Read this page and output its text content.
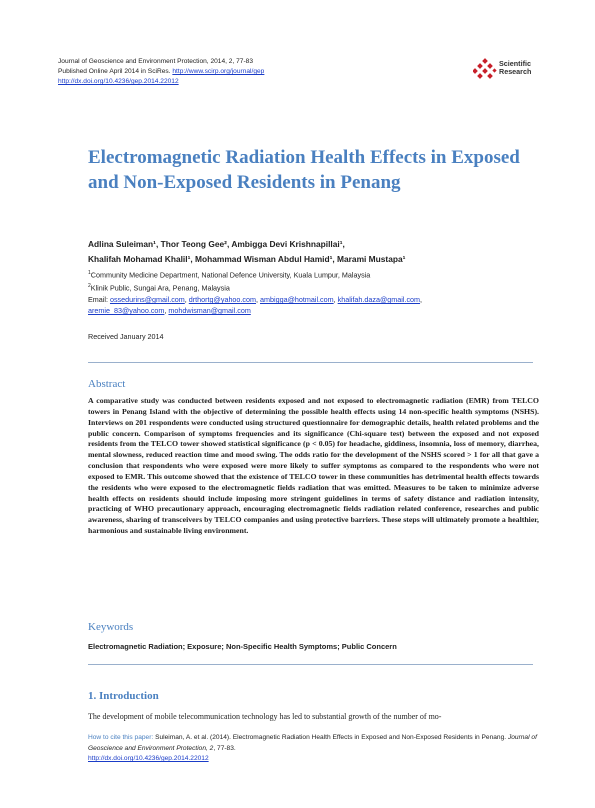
Journal of Geoscience and Environment Protection, 2014, 2, 77-83
Published Online April 2014 in SciRes. http://www.scirp.org/journal/gep
http://dx.doi.org/10.4236/gep.2014.22012
Scientific
Research
Electromagnetic Radiation Health Effects in Exposed and Non-Exposed Residents in Penang
Adlina Suleiman¹, Thor Teong Gee², Ambigga Devi Krishnapillai¹,
Khalifah Mohamad Khalil¹, Mohammad Wisman Abdul Hamid¹, Marami Mustapa¹
$^1$Community Medicine Department, National Defence University, Kuala Lumpur, Malaysia
$^2$Klinik Public, Sungai Ara, Penang, Malaysia
Email: ossedurins@gmail.com, drthortg@yahoo.com, ambigga@hotmail.com, khalifah.daza@gmail.com,
aremie_83@yahoo.com, mohdwisman@gmail.com
Received January 2014
Abstract
A comparative study was conducted between residents exposed and not exposed to electromagnetic radiation (EMR) from TELCO towers in Penang Island with the objective of determining the possible health effects using 14 non-specific health symptoms (NSHS). Interviews on 201 respondents were conducted using structured questionnaire for demographic details, health related problems and the public concern. Comparison of symptoms frequencies and its significance (Chi-square test) between the exposed and not exposed residents from the TELCO tower showed statistical significance (p < 0.05) for headache, giddiness, insomnia, loss of memory, diarrhea, mental slowness, reduced reaction time and mood swing. The odds ratio for the development of the NSHS scored > 1 for all that gave a conclusion that respondents who were exposed were more likely to suffer symptoms as compared to the respondents who were not exposed to EMR. This outcome showed that the existence of TELCO tower in these communities has detrimental health effects towards the residents who were exposed to the electromagnetic fields radiation that was emitted. Measures to be taken to minimize adverse health effects on residents should include imposing more stringent guidelines in terms of safety distance and radiation intensity, practicing of WHO precautionary approach, encouraging electromagnetic fields radiation related conference, researches and public awareness, sharing of transceivers by TELCO companies and using protective barriers. These steps will ultimately promote a healthier, harmonious and sustainable living environment.
Keywords
Electromagnetic Radiation; Exposure; Non-Specific Health Symptoms; Public Concern
1. Introduction
The development of mobile telecommunication technology has led to substantial growth of the number of mo-
How to cite this paper: Suleiman, A. et al. (2014). Electromagnetic Radiation Health Effects in Exposed and Non-Exposed Residents in Penang. Journal of Geoscience and Environment Protection, 2, 77-83.
http://dx.doi.org/10.4236/gep.2014.22012
